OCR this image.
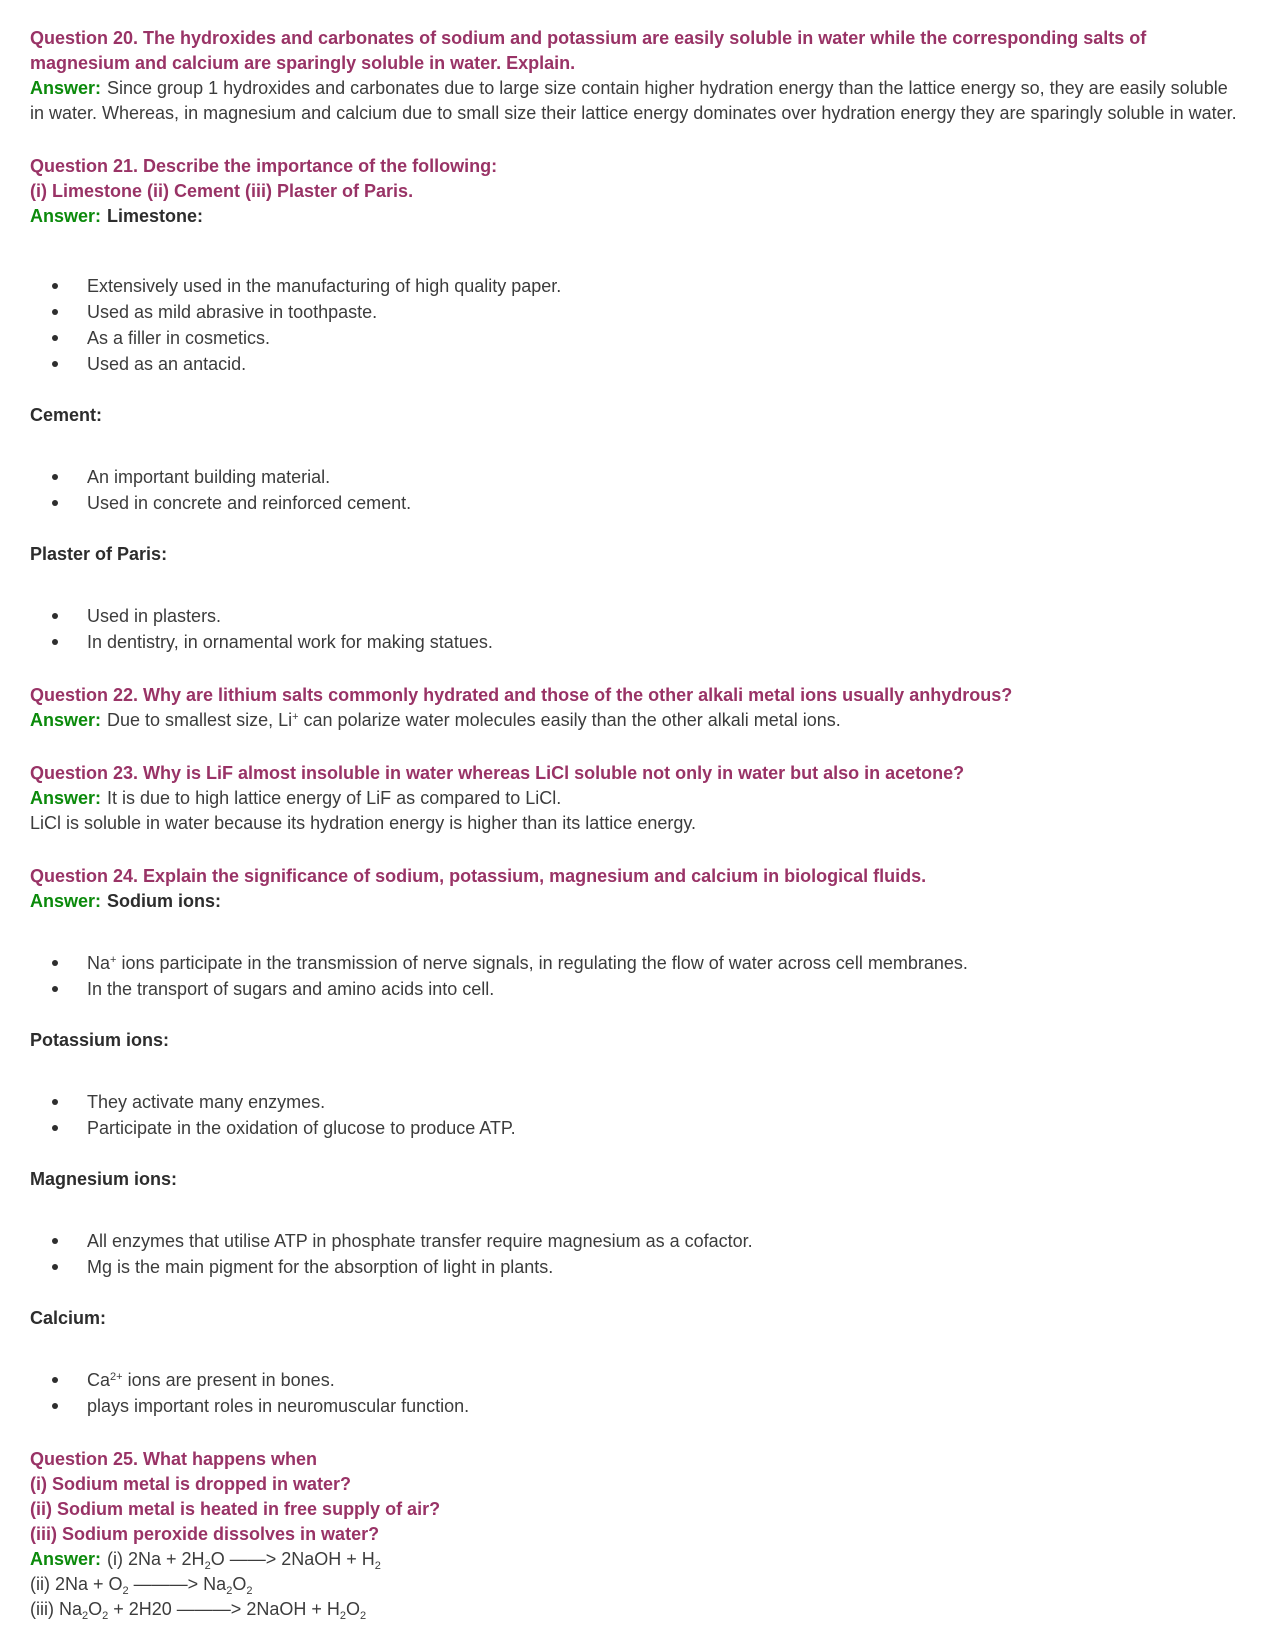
Question 20. The hydroxides and carbonates of sodium and potassium are easily soluble in water while the corresponding salts of magnesium and calcium are sparingly soluble in water. Explain.

Answer: Since group 1 hydroxides and carbonates due to large size contain higher hydration energy than the lattice energy so, they are easily soluble in water. Whereas, in magnesium and calcium due to small size their lattice energy dominates over hydration energy they are sparingly soluble in water.

Question 21. Describe the importance of the following:

(i) Limestone (ii) Cement (iii) Plaster of Paris.

Answer: Limestone:

Extensively used in the manufacturing of high quality paper.
Used as mild abrasive in toothpaste.
As a filler in cosmetics.
Used as an antacid.

Cement:

An important building material.
Used in concrete and reinforced cement.

Plaster of Paris:

Used in plasters.
In dentistry, in ornamental work for making statues.

Question 22. Why are lithium salts commonly hydrated and those of the other alkali metal ions usually anhydrous?

Answer: Due to smallest size, Li+ can polarize water molecules easily than the other alkali metal ions.

Question 23. Why is LiF almost insoluble in water whereas LiCl soluble not only in water but also in acetone?

Answer: It is due to high lattice energy of LiF as compared to LiCl.

LiCl is soluble in water because its hydration energy is higher than its lattice energy.

Question 24. Explain the significance of sodium, potassium, magnesium and calcium in biological fluids.

Answer: Sodium ions:

Na+ ions participate in the transmission of nerve signals, in regulating the flow of water across cell membranes.
In the transport of sugars and amino acids into cell.

Potassium ions:

They activate many enzymes.
Participate in the oxidation of glucose to produce ATP.

Magnesium ions:

All enzymes that utilise ATP in phosphate transfer require magnesium as a cofactor.
Mg is the main pigment for the absorption of light in plants.

Calcium:

$Ca^{2+}$ ions are present in bones.
plays important roles in neuromuscular function.

Question 25. What happens when

(i) Sodium metal is dropped in water?

(ii) Sodium metal is heated in free supply of air?

(iii) Sodium peroxide dissolves in water?

Answer: (i) $2Na + 2H_2O$ ——> 2NaOH + $H_2$

(ii) $2Na + O_2$ ———> $Na_2O_2$

(iii) $Na_2O_2 + 2H20$ ———> 2NaOH + $H_2O_2$
